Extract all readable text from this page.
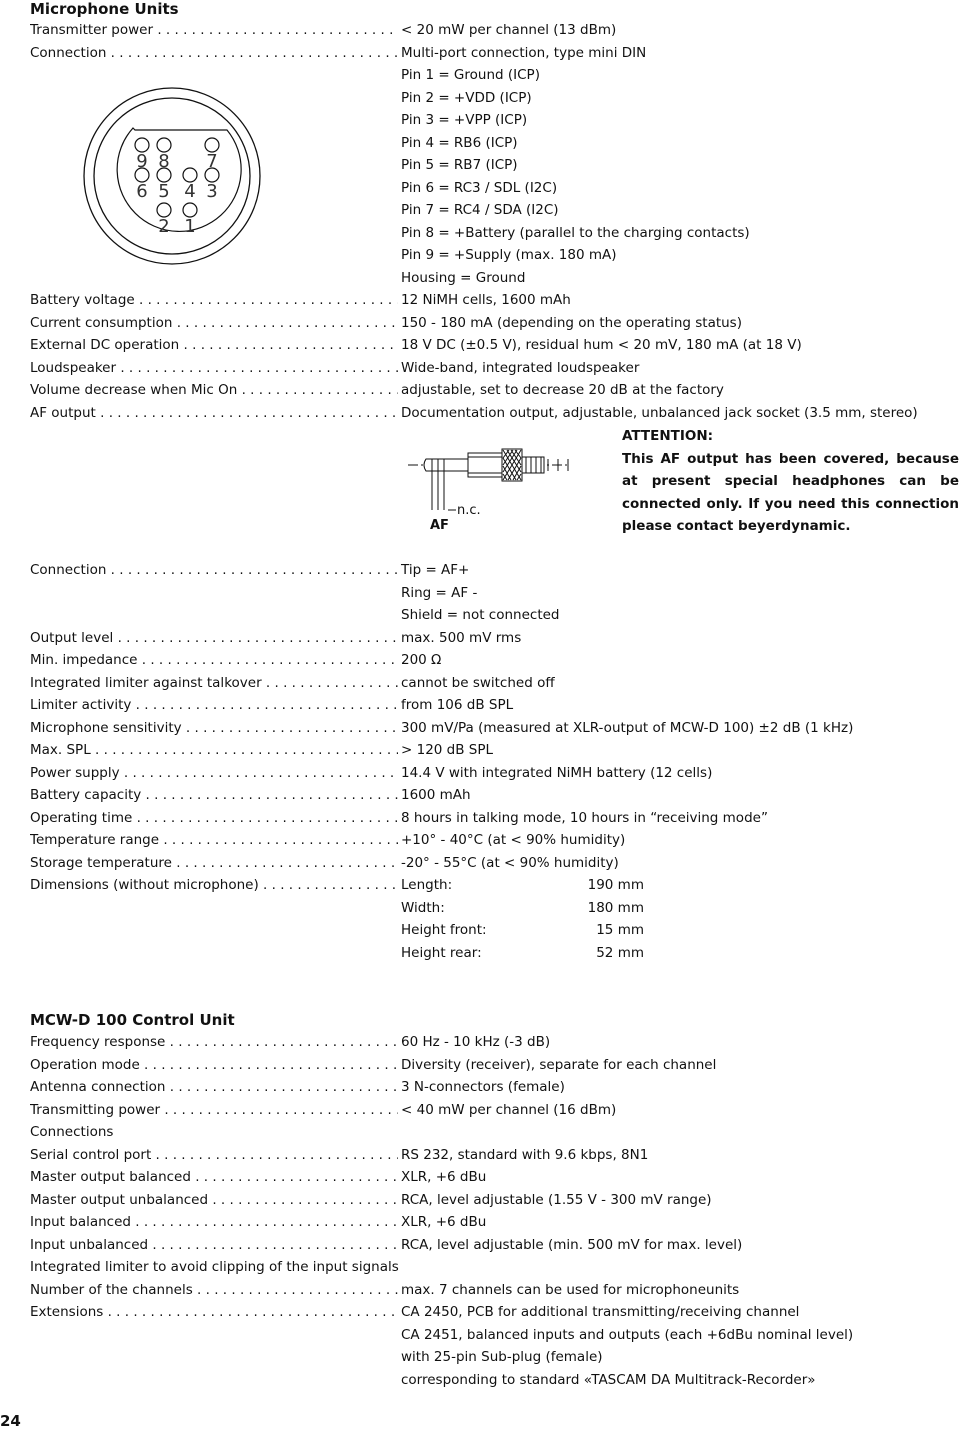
Microphone Units
Transmitter power . . .	< 20 mW per channel (13 dBm)
Connection . . .	Multi-port connection, type mini DIN
Pin 1 = Ground (ICP)
Pin 2 = +VDD (ICP)
Pin 3 = +VPP (ICP)
Pin 4 = RB6 (ICP)
Pin 5 = RB7 (ICP)
Pin 6 = RC3 / SDL (I2C)
Pin 7 = RC4 / SDA (I2C)
Pin 8 = +Battery (parallel to the charging contacts)
Pin 9 = +Supply (max. 180 mA)
Housing = Ground
Battery voltage . . .	12 NiMH cells, 1600 mAh
Current consumption . . .	150 - 180 mA (depending on the operating status)
External DC operation . . .	18 V DC (±0.5 V), residual hum < 20 mV, 180 mA (at 18 V)
Loudspeaker . . .	Wide-band, integrated loudspeaker
Volume decrease when Mic On . . .	adjustable, set to decrease 20 dB at the factory
AF output . . .	Documentation output, adjustable, unbalanced jack socket (3.5 mm, stereo)
9 8 7
6 5 4 3
2 1
n.c.
AF
ATTENTION:
This AF output has been covered, because at present special headphones can be connected only. If you need this connection please contact beyerdynamic.
Connection . . .	Tip = AF+
Ring = AF -
Shield = not connected
Output level . . .	max. 500 mV rms
Min. impedance . . .	200 Ω
Integrated limiter against talkover . . .	cannot be switched off
Limiter activity . . .	from 106 dB SPL
Microphone sensitivity . . .	300 mV/Pa (measured at XLR-output of MCW-D 100) ±2 dB (1 kHz)
Max. SPL . . .	> 120 dB SPL
Power supply . . .	14.4 V with integrated NiMH battery (12 cells)
Battery capacity . . .	1600 mAh
Operating time . . .	8 hours in talking mode, 10 hours in “receiving mode”
Temperature range . . .	+10° - 40°C (at < 90% humidity)
Storage temperature . . .	-20° - 55°C (at < 90% humidity)
Dimensions (without microphone) . . .	Length:	190 mm
Width:	180 mm
Height front:	15 mm
Height rear:	52 mm
MCW-D 100 Control Unit
Frequency response . . .	60 Hz - 10 kHz (-3 dB)
Operation mode . . .	Diversity (receiver), separate for each channel
Antenna connection . . .	3 N-connectors (female)
Transmitting power . . .	< 40 mW per channel (16 dBm)
Connections
Serial control port . . .	RS 232, standard with 9.6 kbps, 8N1
Master output balanced . . .	XLR, +6 dBu
Master output unbalanced . . .	RCA, level adjustable (1.55 V - 300 mV range)
Input balanced . . .	XLR, +6 dBu
Input unbalanced . . .	RCA, level adjustable (min. 500 mV for max. level)
Integrated limiter to avoid clipping of the input signals
Number of the channels . . .	max. 7 channels can be used for microphoneunits
Extensions . . .	CA 2450, PCB for additional transmitting/receiving channel
CA 2451, balanced inputs and outputs (each +6dBu nominal level)
with 25-pin Sub-plug (female)
corresponding to standard «TASCAM DA Multitrack-Recorder»
24
